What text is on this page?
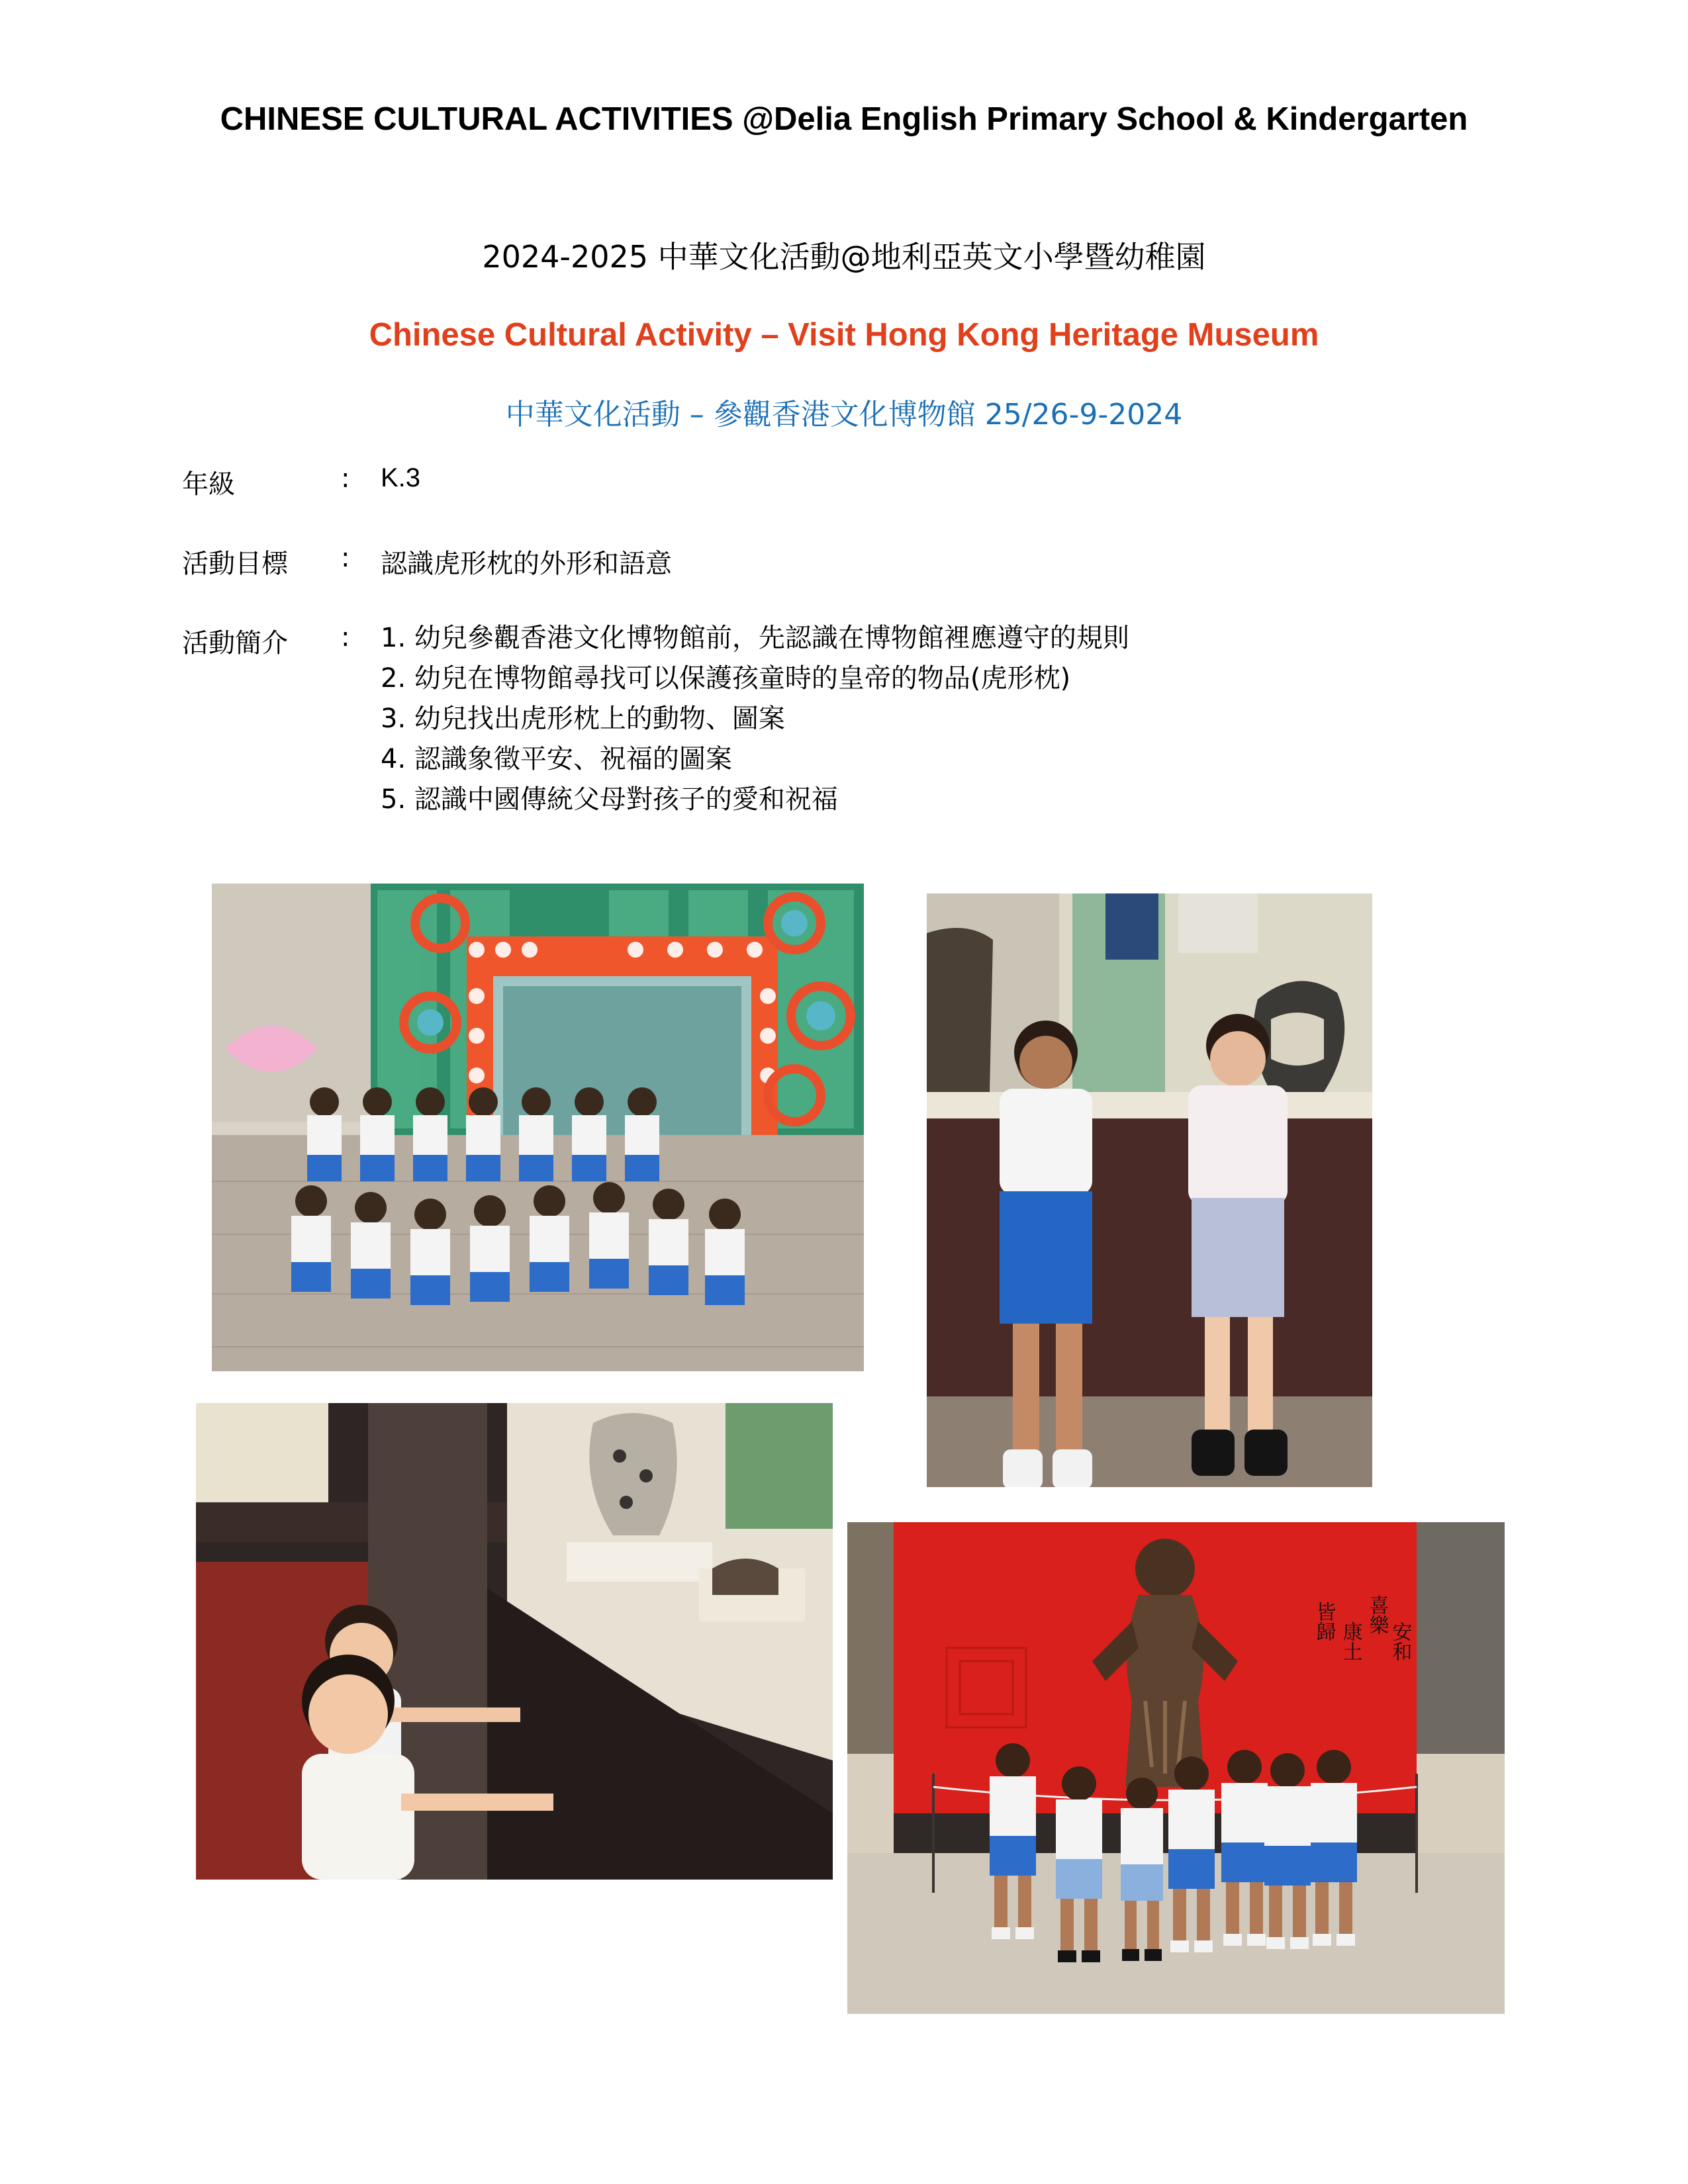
CHINESE CULTURAL ACTIVITIES @Delia English Primary School & Kindergarten
2024-2025 中華文化活動@地利亞英文小學暨幼稚園
Chinese Cultural Activity – Visit Hong Kong Heritage Museum
中華文化活動 – 參觀香港文化博物館 25/26-9-2024
年級	: K.3
活動目標 : 認識虎形枕的外形和語意
活動簡介 : 1. 幼兒參觀香港文化博物館前，先認識在博物館裡應遵守的規則
2. 幼兒在博物館尋找可以保護孩童時的皇帝的物品(虎形枕)
3. 幼兒找出虎形枕上的動物、圖案
4. 認識象徵平安、祝福的圖案
5. 認識中國傳統父母對孩子的愛和祝福
皆歸 康土
喜樂
安和
